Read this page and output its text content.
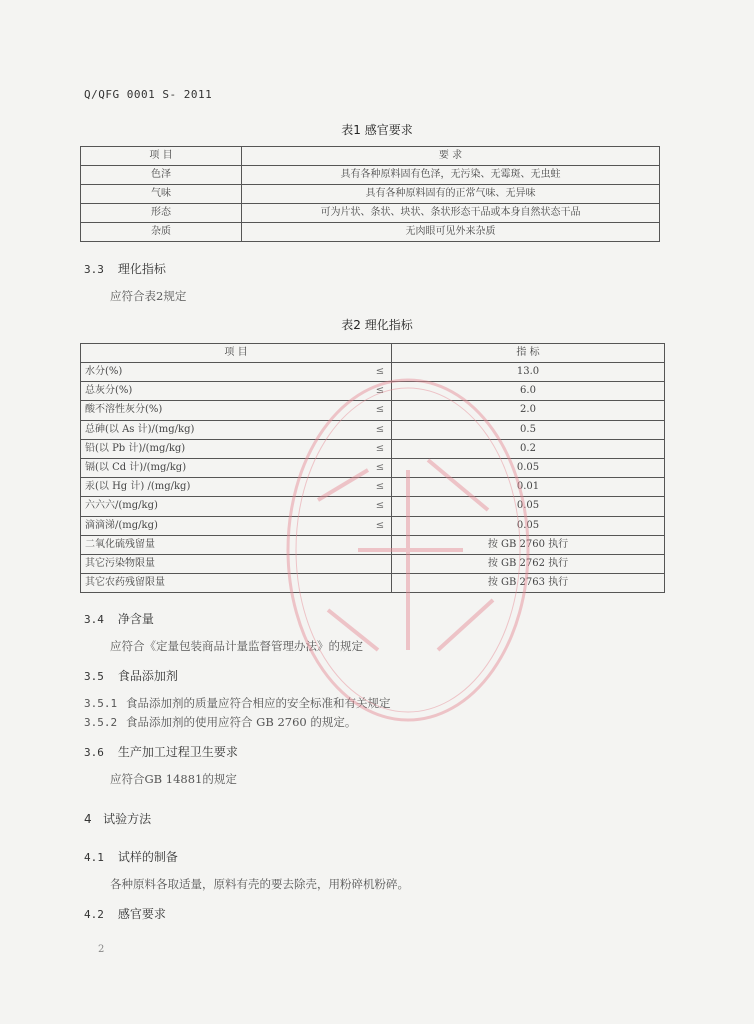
Q/QFG 0001 S- 2011
表1 感官要求
项 目	要 求
色泽	具有各种原料固有色泽，无污染、无霉斑、无虫蛀
气味	具有各种原料固有的正常气味、无异味
形态	可为片状、条状、块状、条状形态干品或本身自然状态干品
杂质	无肉眼可见外来杂质
3.3 理化指标
应符合表2规定
表2 理化指标
项 目		指 标
水分(%)	≤	13.0
总灰分(%)	≤	6.0
酸不溶性灰分(%)	≤	2.0
总砷(以 As 计)/(mg/kg)	≤	0.5
铅(以 Pb 计)/(mg/kg)	≤	0.2
镉(以 Cd 计)/(mg/kg)	≤	0.05
汞(以 Hg 计) /(mg/kg)	≤	0.01
六六六/(mg/kg)	≤	0.05
滴滴涕/(mg/kg)	≤	0.05
二氧化硫残留量		按 GB 2760 执行
其它污染物限量		按 GB 2762 执行
其它农药残留限量		按 GB 2763 执行
3.4 净含量
应符合《定量包装商品计量监督管理办法》的规定
3.5 食品添加剂
3.5.1 食品添加剂的质量应符合相应的安全标准和有关规定
3.5.2 食品添加剂的使用应符合 GB 2760 的规定。
3.6 生产加工过程卫生要求
应符合GB 14881的规定
4 试验方法
4.1 试样的制备
各种原料各取适量，原料有壳的要去除壳，用粉碎机粉碎。
4.2 感官要求
2
